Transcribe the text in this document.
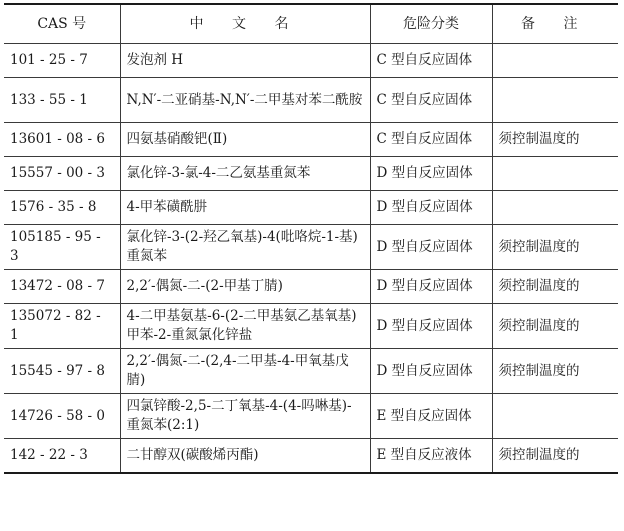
CAS 号	中 文 名	危险分类	备 注
101 - 25 - 7	发泡剂 H	C 型自反应固体	
133 - 55 - 1	N,N′-二亚硝基-N,N′-二甲基对苯二酰胺	C 型自反应固体	
13601 - 08 - 6	四氨基硝酸钯(Ⅱ)	C 型自反应固体	须控制温度的
15557 - 00 - 3	氯化锌-3-氯-4-二乙氨基重氮苯	D 型自反应固体	
1576 - 35 - 8	4-甲苯磺酰肼	D 型自反应固体	
105185 - 95 - 3	氯化锌-3-(2-羟乙氧基)-4(吡咯烷-1-基)重氮苯	D 型自反应固体	须控制温度的
13472 - 08 - 7	2,2′-偶氮-二-(2-甲基丁腈)	D 型自反应固体	须控制温度的
135072 - 82 - 1	4-二甲基氨基-6-(2-二甲基氨乙基氧基)甲苯-2-重氮氯化锌盐	D 型自反应固体	须控制温度的
15545 - 97 - 8	2,2′-偶氮-二-(2,4-二甲基-4-甲氧基戊腈)	D 型自反应固体	须控制温度的
14726 - 58 - 0	四氯锌酸-2,5-二丁氧基-4-(4-吗啉基)-重氮苯(2:1)	E 型自反应固体	
142 - 22 - 3	二甘醇双(碳酸烯丙酯)	E 型自反应液体	须控制温度的
